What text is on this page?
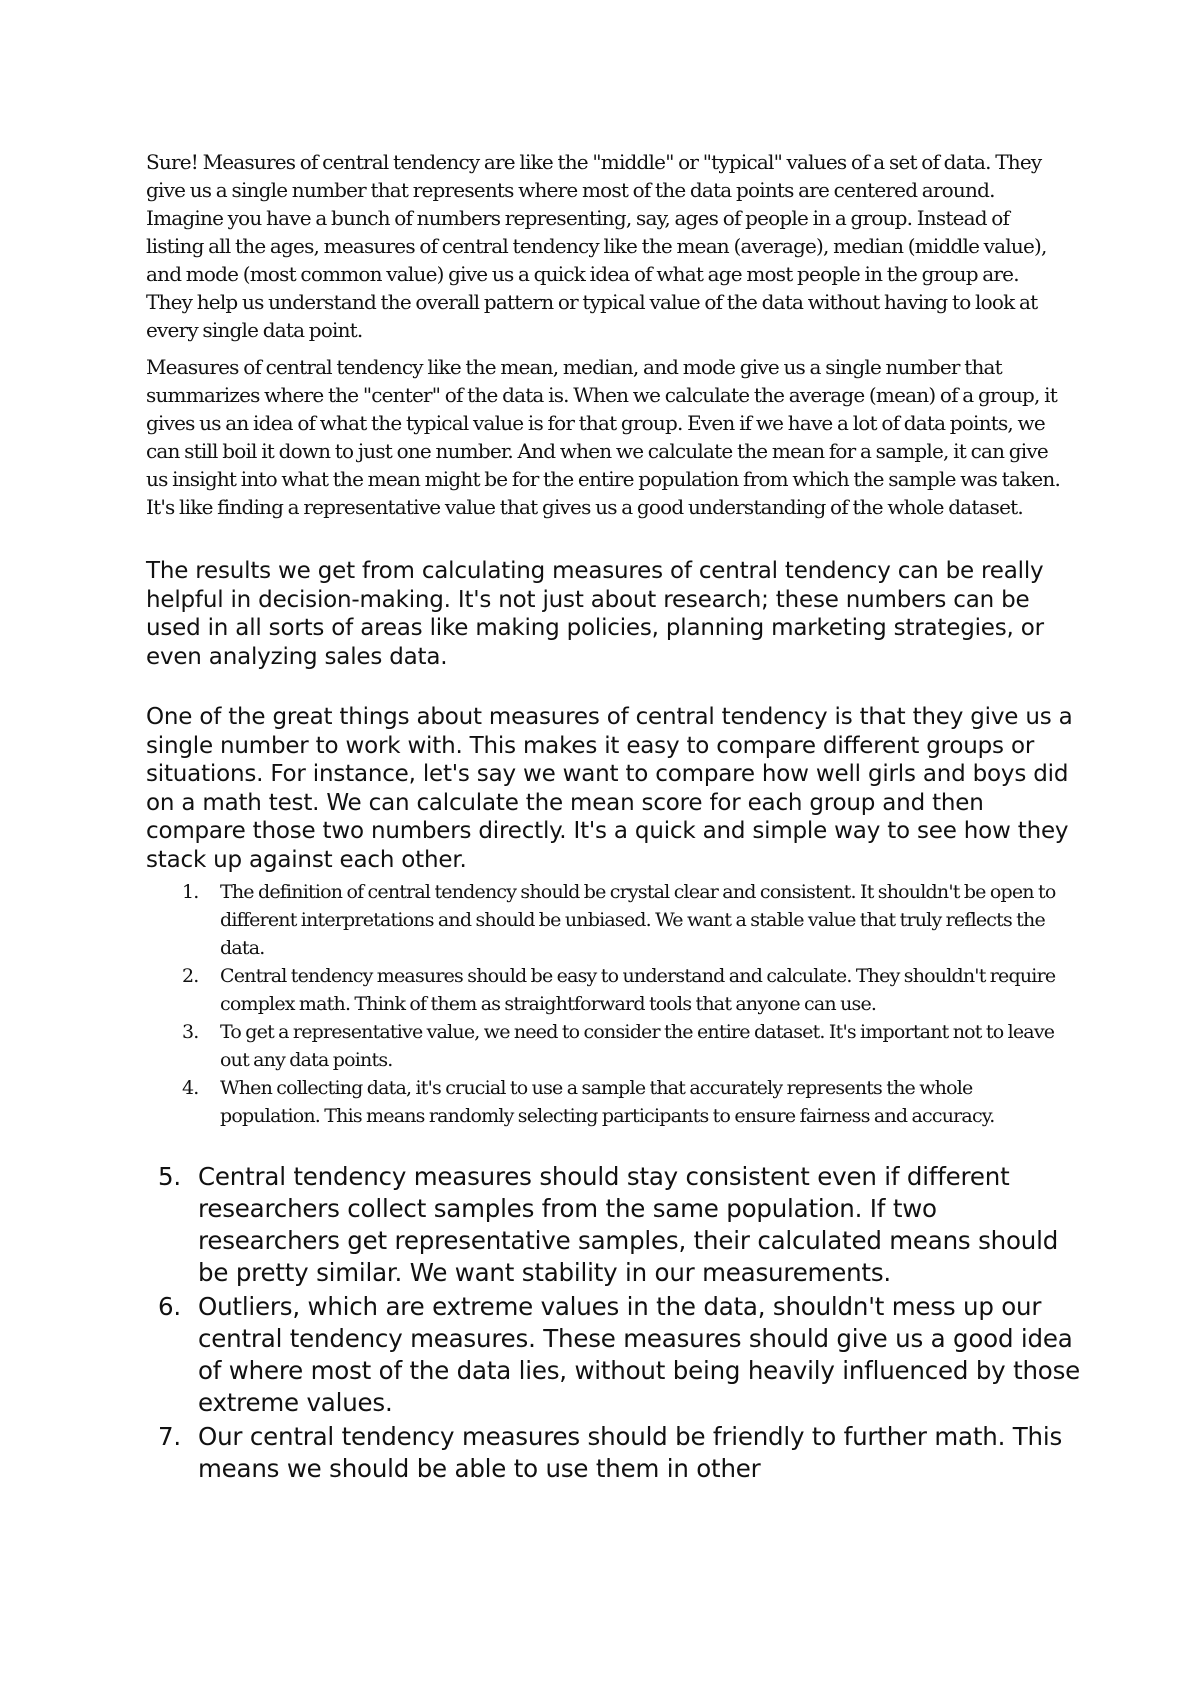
Sure! Measures of central tendency are like the "middle" or "typical" values of a set of data. They give us a single number that represents where most of the data points are centered around. Imagine you have a bunch of numbers representing, say, ages of people in a group. Instead of listing all the ages, measures of central tendency like the mean (average), median (middle value), and mode (most common value) give us a quick idea of what age most people in the group are. They help us understand the overall pattern or typical value of the data without having to look at every single data point.

Measures of central tendency like the mean, median, and mode give us a single number that summarizes where the "center" of the data is. When we calculate the average (mean) of a group, it gives us an idea of what the typical value is for that group. Even if we have a lot of data points, we can still boil it down to just one number. And when we calculate the mean for a sample, it can give us insight into what the mean might be for the entire population from which the sample was taken. It's like finding a representative value that gives us a good understanding of the whole dataset.

The results we get from calculating measures of central tendency can be really helpful in decision-making. It's not just about research; these numbers can be used in all sorts of areas like making policies, planning marketing strategies, or even analyzing sales data.

One of the great things about measures of central tendency is that they give us a single number to work with. This makes it easy to compare different groups or situations. For instance, let's say we want to compare how well girls and boys did on a math test. We can calculate the mean score for each group and then compare those two numbers directly. It's a quick and simple way to see how they stack up against each other.

1. The definition of central tendency should be crystal clear and consistent. It shouldn't be open to different interpretations and should be unbiased. We want a stable value that truly reflects the data.
2. Central tendency measures should be easy to understand and calculate. They shouldn't require complex math. Think of them as straightforward tools that anyone can use.
3. To get a representative value, we need to consider the entire dataset. It's important not to leave out any data points.
4. When collecting data, it's crucial to use a sample that accurately represents the whole population. This means randomly selecting participants to ensure fairness and accuracy.
5. Central tendency measures should stay consistent even if different researchers collect samples from the same population. If two researchers get representative samples, their calculated means should be pretty similar. We want stability in our measurements.
6. Outliers, which are extreme values in the data, shouldn't mess up our central tendency measures. These measures should give us a good idea of where most of the data lies, without being heavily influenced by those extreme values.
7. Our central tendency measures should be friendly to further math. This means we should be able to use them in other
